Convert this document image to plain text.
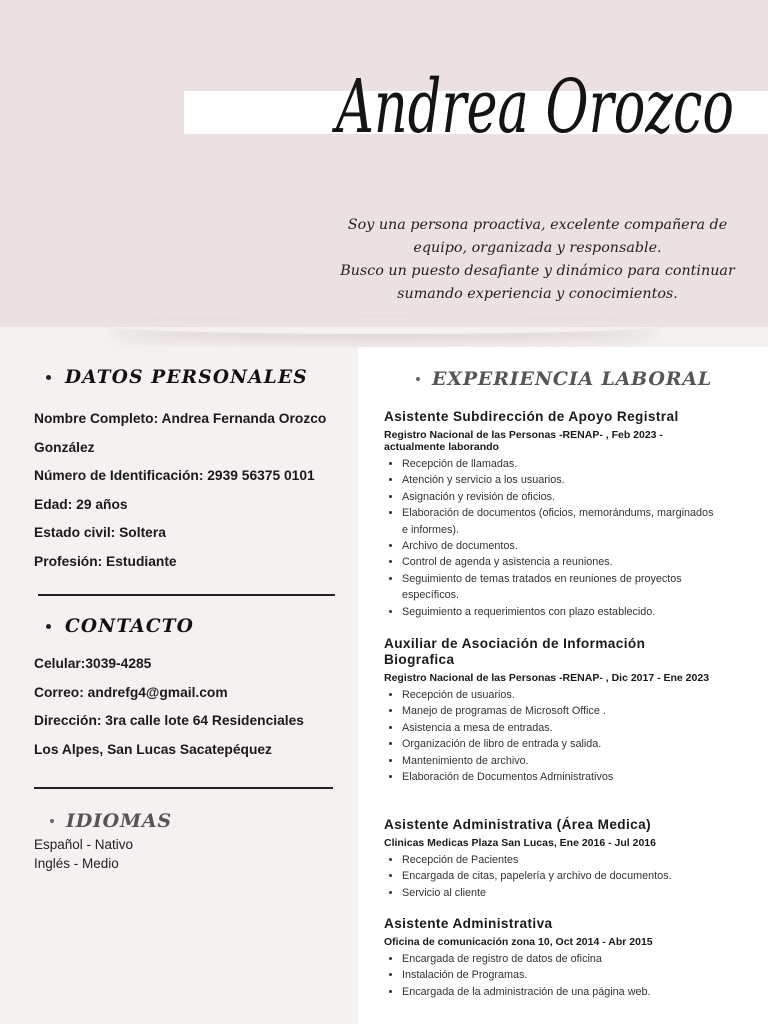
Andrea Orozco

Soy una persona proactiva, excelente compañera de
equipo, organizada y responsable.
Busco un puesto desafiante y dinámico para continuar
sumando experiencia y conocimientos.

DATOS PERSONALES
Nombre Completo: Andrea Fernanda Orozco
González
Número de Identificación: 2939 56375 0101
Edad: 29 años
Estado civil: Soltera
Profesión: Estudiante
CONTACTO
Celular:3039-4285
Correo: andrefg4@gmail.com
Dirección: 3ra calle lote 64 Residenciales
Los Alpes, San Lucas Sacatepéquez
IDIOMAS
Español - Nativo
Inglés - Medio
EXPERIENCIA LABORAL

Asistente Subdirección de Apoyo Registral

Registro Nacional de las Personas -RENAP- , Feb 2023 - actualmente laborando

• Recepción de llamadas.
• Atención y servicio a los usuarios.
• Asignación y revisión de oficios.
• Elaboración de documentos (oficios, memorándums, marginados e informes).
• Archivo de documentos.
• Control de agenda y asistencia a reuniones.
• Seguimiento de temas tratados en reuniones de proyectos específicos.
• Seguimiento a requerimientos con plazo establecido.

Auxiliar de Asociación de Información Biografica

Registro Nacional de las Personas -RENAP- , Dic 2017 - Ene 2023

• Recepción de usuarios.
• Manejo de programas de Microsoft Office .
• Asistencia a mesa de entradas.
• Organización de libro de entrada y salida.
• Mantenimiento de archivo.
• Elaboración de Documentos Administrativos

Asistente Administrativa (Área Medica)

Clinicas Medicas Plaza San Lucas, Ene 2016 - Jul 2016

• Recepción de Pacientes
• Encargada de citas, papelería y archivo de documentos.
• Servicio al cliente

Asistente Administrativa

Oficina de comunicación zona 10, Oct 2014 - Abr 2015

• Encargada de registro de datos de oficina
• Instalación de Programas.
• Encargada de la administración de una página web.
